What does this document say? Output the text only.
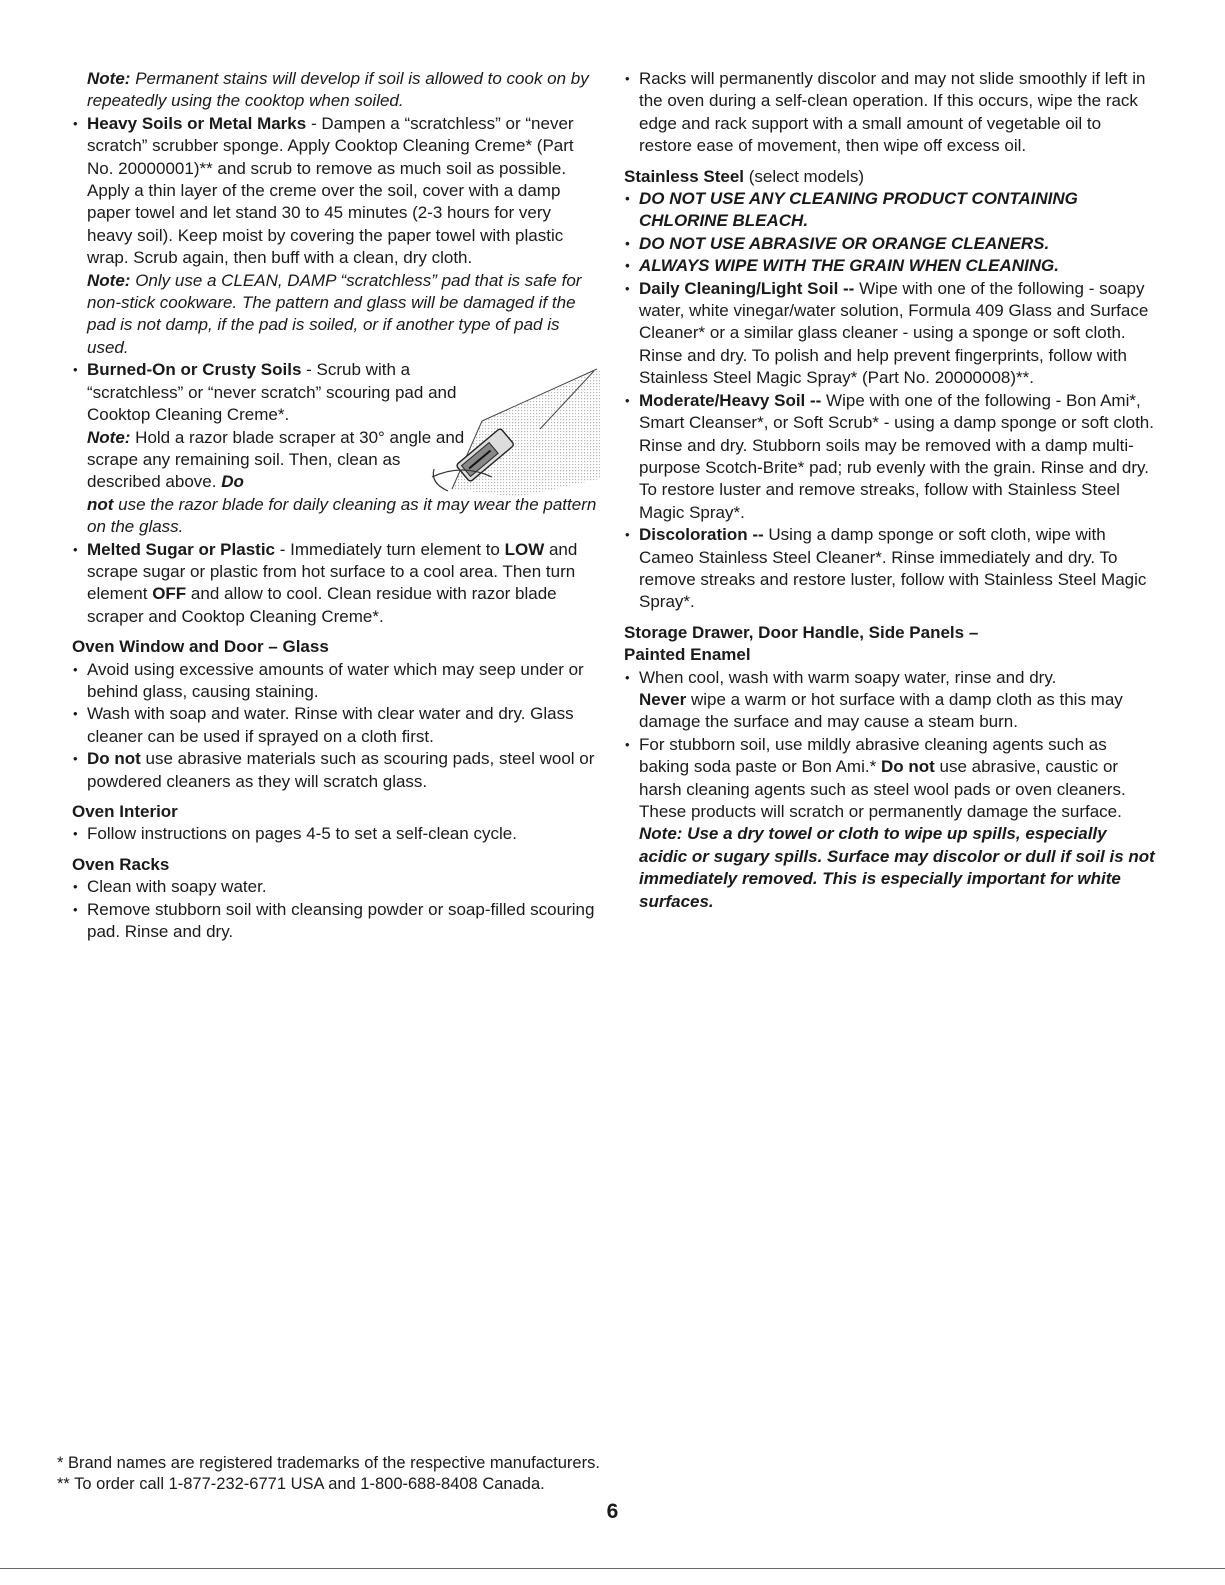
Note: Permanent stains will develop if soil is allowed to cook on by repeatedly using the cooktop when soiled.

• Heavy Soils or Metal Marks - Dampen a “scratchless” or “never scratch” scrubber sponge. Apply Cooktop Cleaning Creme* (Part No. 20000001)** and scrub to remove as much soil as possible. Apply a thin layer of the creme over the soil, cover with a damp paper towel and let stand 30 to 45 minutes (2-3 hours for very heavy soil). Keep moist by covering the paper towel with plastic wrap. Scrub again, then buff with a clean, dry cloth.

Note: Only use a CLEAN, DAMP “scratchless” pad that is safe for non-stick cookware. The pattern and glass will be damaged if the pad is not damp, if the pad is soiled, or if another type of pad is used.

• Burned-On or Crusty Soils - Scrub with a “scratchless” or “never scratch” scouring pad and Cooktop Cleaning Creme*.

Note: Hold a razor blade scraper at 30° angle and scrape any remaining soil. Then, clean as described above. Do

not use the razor blade for daily cleaning as it may wear the pattern on the glass.

• Melted Sugar or Plastic - Immediately turn element to LOW and scrape sugar or plastic from hot surface to a cool area. Then turn element OFF and allow to cool. Clean residue with razor blade scraper and Cooktop Cleaning Creme*.

Oven Window and Door – Glass

• Avoid using excessive amounts of water which may seep under or behind glass, causing staining.

• Wash with soap and water. Rinse with clear water and dry. Glass cleaner can be used if sprayed on a cloth first.

• Do not use abrasive materials such as scouring pads, steel wool or powdered cleaners as they will scratch glass.

Oven Interior

• Follow instructions on pages 4-5 to set a self-clean cycle.

Oven Racks

• Clean with soapy water.

• Remove stubborn soil with cleansing powder or soap-filled scouring pad. Rinse and dry.

• Racks will permanently discolor and may not slide smoothly if left in the oven during a self-clean operation. If this occurs, wipe the rack edge and rack support with a small amount of vegetable oil to restore ease of movement, then wipe off excess oil.

Stainless Steel (select models)

• DO NOT USE ANY CLEANING PRODUCT CONTAINING CHLORINE BLEACH.

• DO NOT USE ABRASIVE OR ORANGE CLEANERS.

• ALWAYS WIPE WITH THE GRAIN WHEN CLEANING.

• Daily Cleaning/Light Soil -- Wipe with one of the following - soapy water, white vinegar/water solution, Formula 409 Glass and Surface Cleaner* or a similar glass cleaner - using a sponge or soft cloth. Rinse and dry. To polish and help prevent fingerprints, follow with Stainless Steel Magic Spray* (Part No. 20000008)**.

• Moderate/Heavy Soil -- Wipe with one of the following - Bon Ami*, Smart Cleanser*, or Soft Scrub* - using a damp sponge or soft cloth. Rinse and dry. Stubborn soils may be removed with a damp multi-purpose Scotch-Brite* pad; rub evenly with the grain. Rinse and dry. To restore luster and remove streaks, follow with Stainless Steel Magic Spray*.

• Discoloration -- Using a damp sponge or soft cloth, wipe with Cameo Stainless Steel Cleaner*. Rinse immediately and dry. To remove streaks and restore luster, follow with Stainless Steel Magic Spray*.

Storage Drawer, Door Handle, Side Panels –

Painted Enamel

• When cool, wash with warm soapy water, rinse and dry.
Never wipe a warm or hot surface with a damp cloth as this may damage the surface and may cause a steam burn.

• For stubborn soil, use mildly abrasive cleaning agents such as baking soda paste or Bon Ami.* Do not use abrasive, caustic or harsh cleaning agents such as steel wool pads or oven cleaners. These products will scratch or permanently damage the surface.

Note: Use a dry towel or cloth to wipe up spills, especially acidic or sugary spills. Surface may discolor or dull if soil is not immediately removed. This is especially important for white surfaces.

* Brand names are registered trademarks of the respective manufacturers.

** To order call 1-877-232-6771 USA and 1-800-688-8408 Canada.

6
